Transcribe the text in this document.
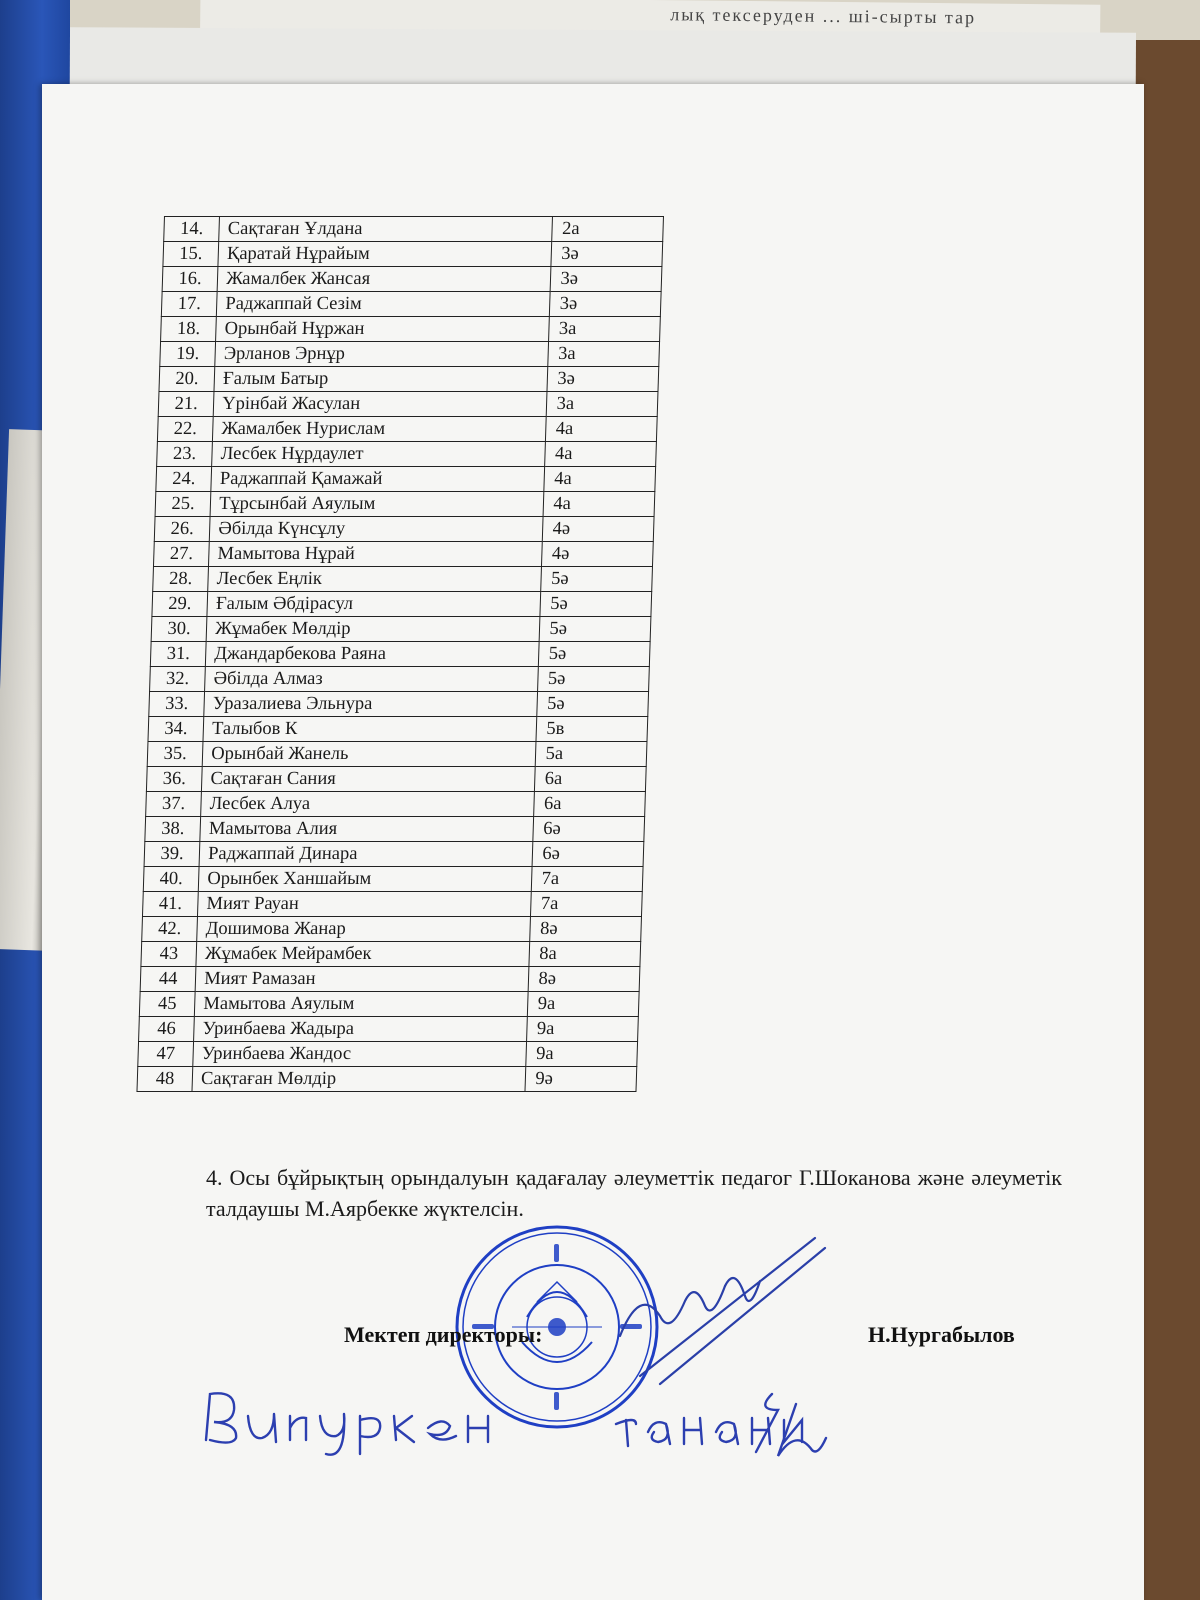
лық тексеруден ... ші-сырты тар
14.	Сақтаған Ұлдана	2а
15.	Қаратай Нұрайым	3ә
16.	Жамалбек Жансая	3ә
17.	Раджаппай Сезім	3ә
18.	Орынбай Нұржан	3а
19.	Эрланов Эрнұр	3а
20.	Ғалым Батыр	3ә
21.	Үрінбай Жасулан	3а
22.	Жамалбек Нурислам	4а
23.	Лесбек Нұрдаулет	4а
24.	Раджаппай Қамажай	4а
25.	Тұрсынбай Аяулым	4а
26.	Әбілда Күнсұлу	4ә
27.	Мамытова Нұрай	4ә
28.	Лесбек Еңлік	5ә
29.	Ғалым Әбдірасул	5ә
30.	Жұмабек Мөлдір	5ә
31.	Джандарбекова Раяна	5ә
32.	Әбілда Алмаз	5ә
33.	Уразалиева Эльнура	5ә
34.	Талыбов К	5в
35.	Орынбай Жанель	5а
36.	Сақтаған Сания	6а
37.	Лесбек Алуа	6а
38.	Мамытова Алия	6ә
39.	Раджаппай Динара	6ә
40.	Орынбек Ханшайым	7а
41.	Мият Рауан	7а
42.	Дошимова Жанар	8ә
43	Жұмабек Мейрамбек	8а
44	Мият Рамазан	8ә
45	Мамытова Аяулым	9а
46	Уринбаева Жадыра	9а
47	Уринбаева Жандос	9а
48	Сақтаған Мөлдір	9ә
4. Осы бұйрықтың орындалуын қадағалау әлеуметтік педагог Г.Шоканова және әлеуметік талдаушы М.Аярбекке жүктелсін.
Мектеп директоры:	Н.Нургабылов
